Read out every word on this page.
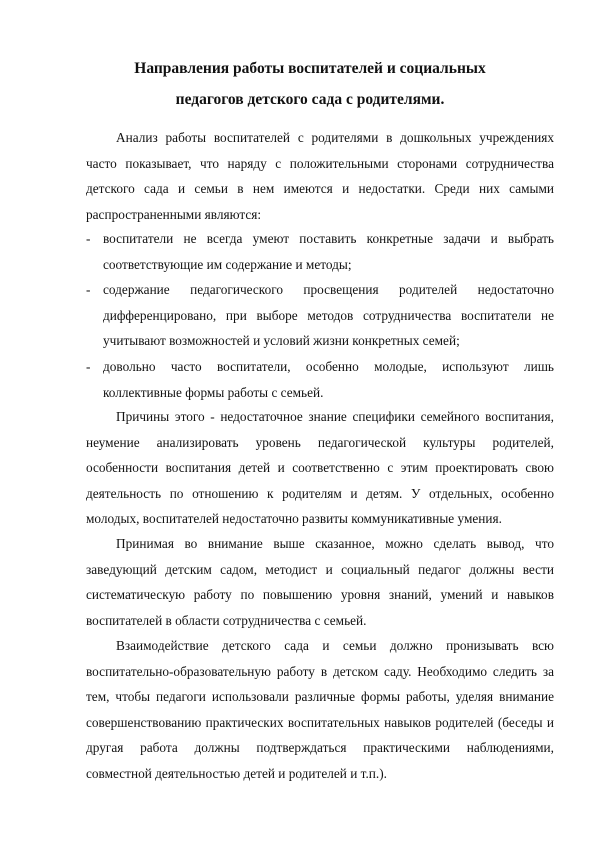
Направления работы воспитателей и социальных
педагогов детского сада с родителями.

Анализ работы воспитателей с родителями в дошкольных учреждениях часто показывает, что наряду с положительными сторонами сотрудничества детского сада и семьи в нем имеются и недостатки. Среди них самыми распространенными являются:

- воспитатели не всегда умеют поставить конкретные задачи и выбрать соответствующие им содержание и методы;

- содержание педагогического просвещения родителей недостаточно дифференцировано, при выборе методов сотрудничества воспитатели не учитывают возможностей и условий жизни конкретных семей;

- довольно часто воспитатели, особенно молодые, используют лишь коллективные формы работы с семьей.

Причины этого - недостаточное знание специфики семейного воспитания, неумение анализировать уровень педагогической культуры родителей, особенности воспитания детей и соответственно с этим проектировать свою деятельность по отношению к родителям и детям. У отдельных, особенно молодых, воспитателей недостаточно развиты коммуникативные умения.

Принимая во внимание выше сказанное, можно сделать вывод, что заведующий детским садом, методист и социальный педагог должны вести систематическую работу по повышению уровня знаний, умений и навыков воспитателей в области сотрудничества с семьей.

Взаимодействие детского сада и семьи должно пронизывать всю воспитательно-образовательную работу в детском саду. Необходимо следить за тем, чтобы педагоги использовали различные формы работы, уделяя внимание совершенствованию практических воспитательных навыков родителей (беседы и другая работа должны подтверждаться практическими наблюдениями, совместной деятельностью детей и родителей и т.п.).
